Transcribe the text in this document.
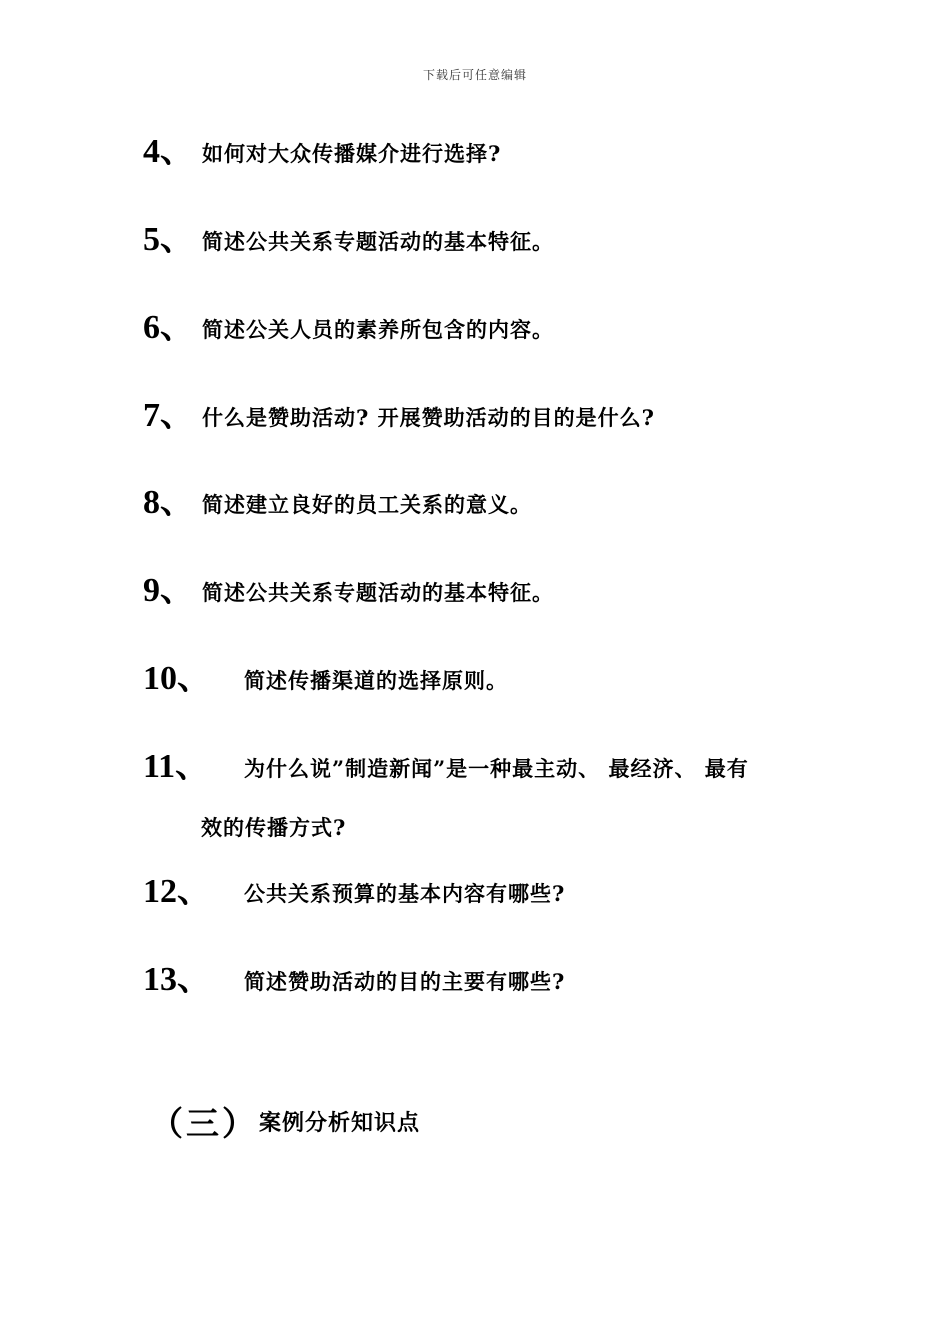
下载后可任意编辑
4、 如何对大众传播媒介进行选择?
5、 简述公共关系专题活动的基本特征。
6、 简述公关人员的素养所包含的内容。
7、 什么是赞助活动? 开展赞助活动的目的是什么?
8、 简述建立良好的员工关系的意义。
9、 简述公共关系专题活动的基本特征。
10、 简述传播渠道的选择原则。
11、 为什么说”制造新闻”是一种最主动、 最经济、 最有
效的传播方式?
12、 公共关系预算的基本内容有哪些?
13、 简述赞助活动的目的主要有哪些?
（三） 案例分析知识点
